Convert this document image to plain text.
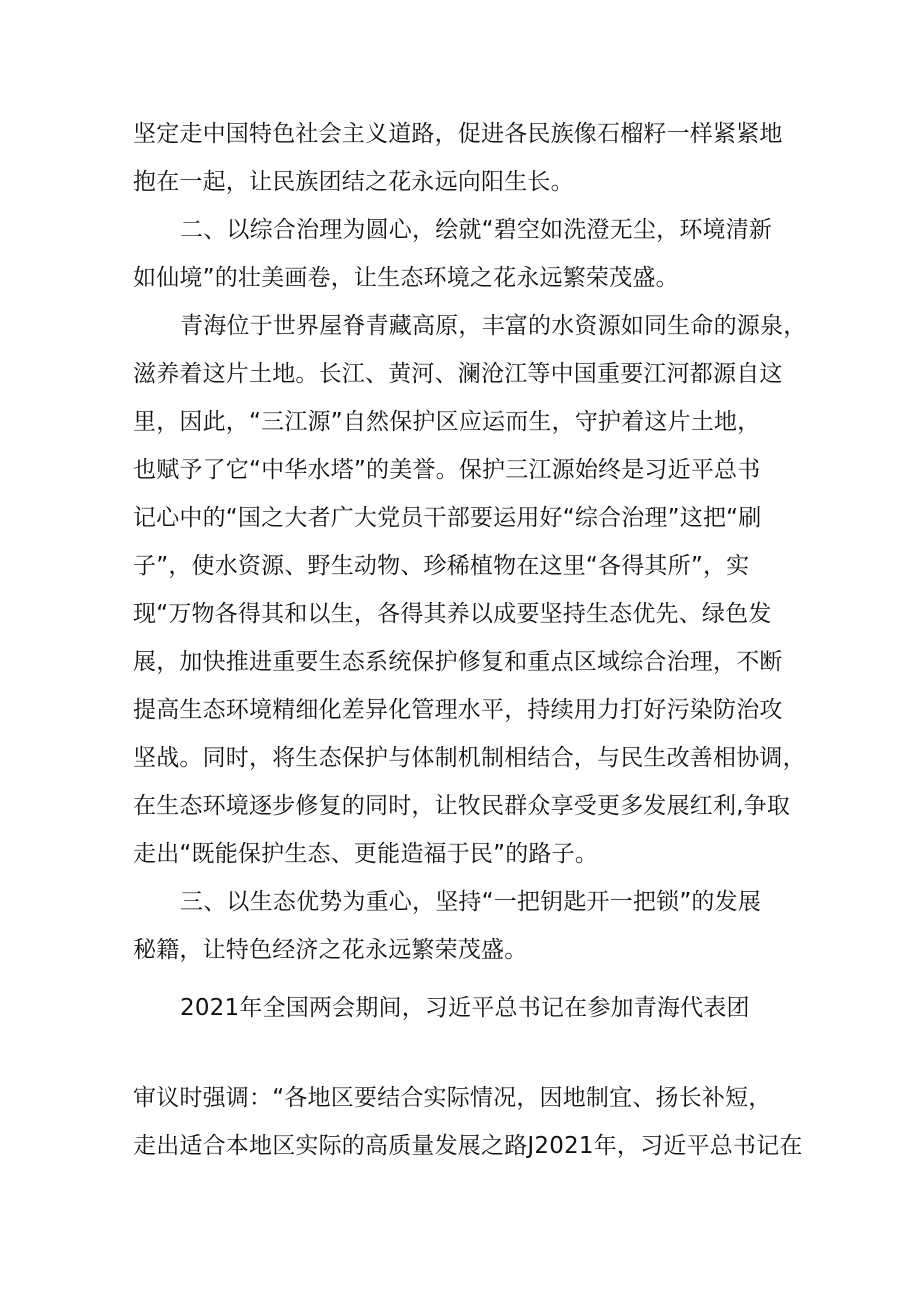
坚定走中国特色社会主义道路，促进各民族像石榴籽一样紧紧地
抱在一起，让民族团结之花永远向阳生长。
二、以综合治理为圆心，绘就“碧空如洗澄无尘，环境清新
如仙境”的壮美画卷，让生态环境之花永远繁荣茂盛。
青海位于世界屋脊青藏高原，丰富的水资源如同生命的源泉，
滋养着这片土地。长江、黄河、澜沧江等中国重要江河都源自这
里，因此，“三江源”自然保护区应运而生，守护着这片土地，
也赋予了它“中华水塔”的美誉。保护三江源始终是习近平总书
记心中的“国之大者广大党员干部要运用好“综合治理”这把“刷
子”，使水资源、野生动物、珍稀植物在这里“各得其所”，实
现“万物各得其和以生，各得其养以成要坚持生态优先、绿色发
展，加快推进重要生态系统保护修复和重点区域综合治理，不断
提高生态环境精细化差异化管理水平，持续用力打好污染防治攻
坚战。同时，将生态保护与体制机制相结合，与民生改善相协调，
在生态环境逐步修复的同时，让牧民群众享受更多发展红利,争取
走出“既能保护生态、更能造福于民”的路子。
三、以生态优势为重心，坚持“一把钥匙开一把锁”的发展
秘籍，让特色经济之花永远繁荣茂盛。
2021年全国两会期间，习近平总书记在参加青海代表团
审议时强调：“各地区要结合实际情况，因地制宜、扬长补短，
走出适合本地区实际的高质量发展之路J2021年，习近平总书记在
